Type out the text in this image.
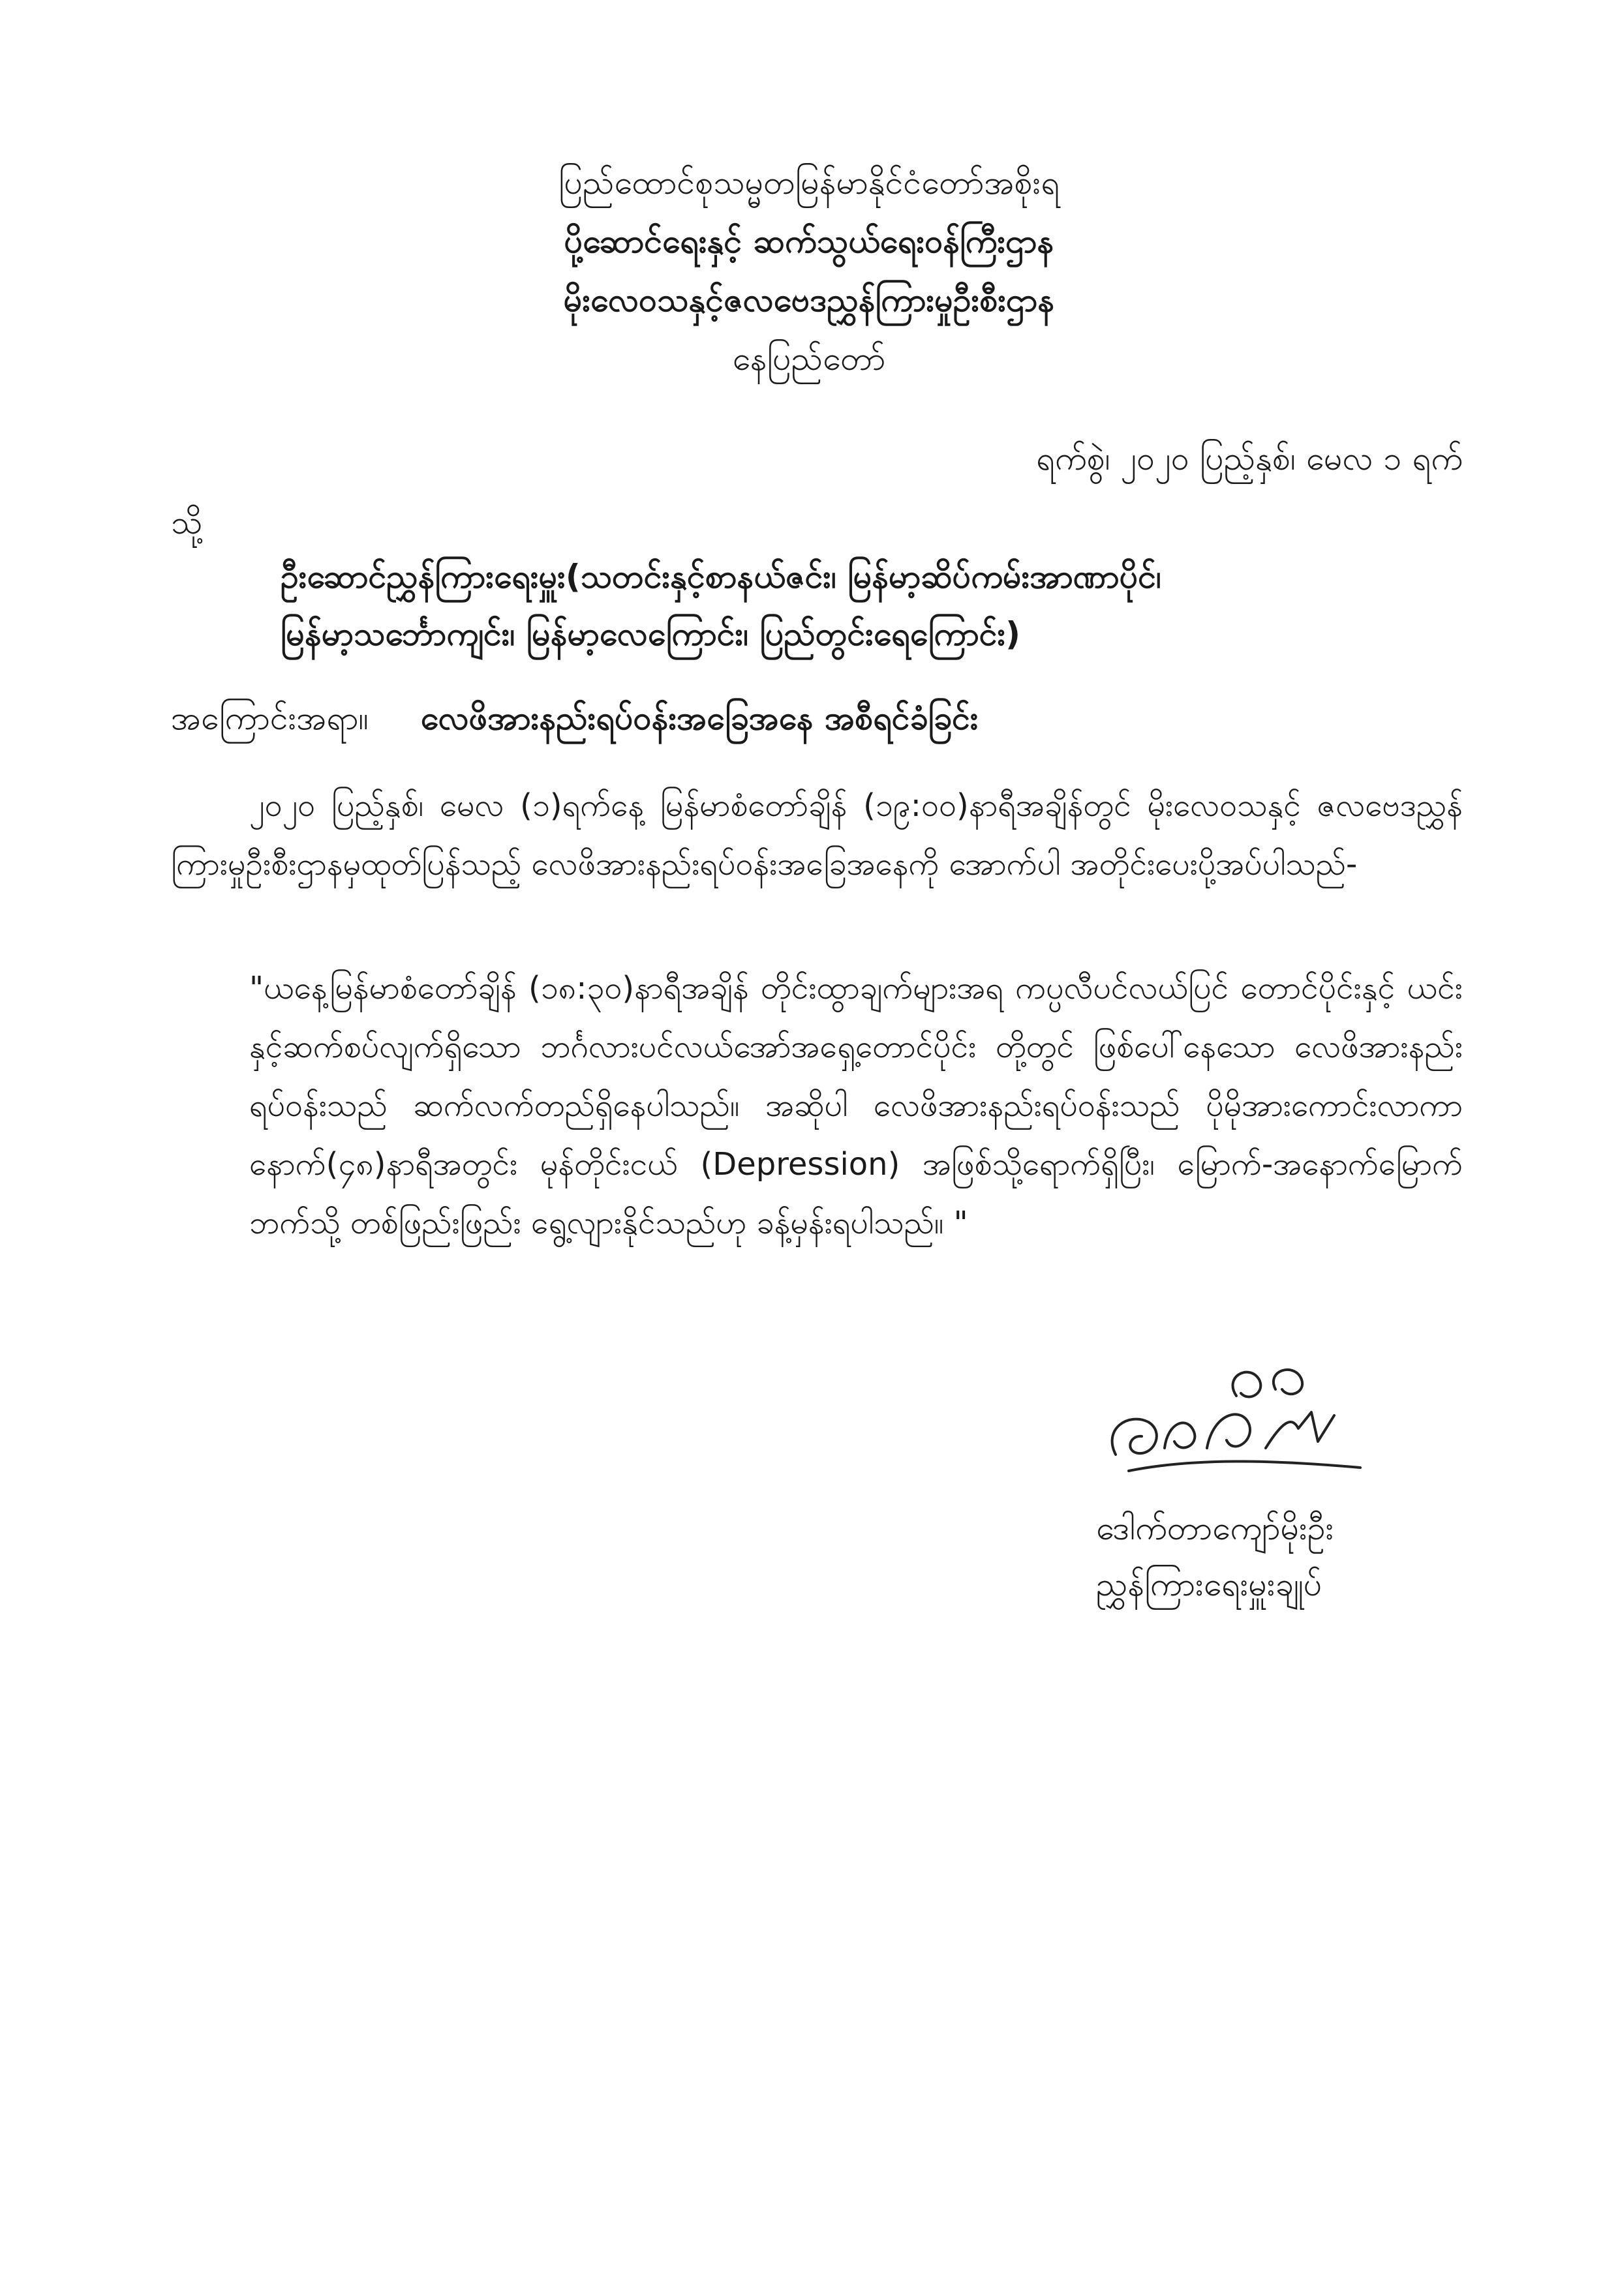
ပြည်ထောင်စုသမ္မတမြန်မာနိုင်ငံတော်အစိုးရ
ပို့ဆောင်ရေးနှင့် ဆက်သွယ်ရေးဝန်ကြီးဌာန
မိုးလေဝသနှင့်ဇလဗေဒညွှန်ကြားမှုဦးစီးဌာန
နေပြည်တော်
ရက်စွဲ၊ ၂၀၂၀ ပြည့်နှစ်၊ မေလ ၁ ရက်
သို့
ဦးဆောင်ညွှန်ကြားရေးမှူး(သတင်းနှင့်စာနယ်ဇင်း၊ မြန်မာ့ဆိပ်ကမ်းအာဏာပိုင်၊
မြန်မာ့သင်္ဘောကျင်း၊ မြန်မာ့လေကြောင်း၊ ပြည်တွင်းရေကြောင်း)
အကြောင်းအရာ။ လေဖိအားနည်းရပ်ဝန်းအခြေအနေ အစီရင်ခံခြင်း
၂၀၂၀ ပြည့်နှစ်၊ မေလ (၁)ရက်နေ့ မြန်မာစံတော်ချိန် (၁၉:၀၀)နာရီအချိန်တွင် မိုးလေဝသနှင့် ဇလဗေဒညွှန်ကြားမှုဦးစီးဌာနမှထုတ်ပြန်သည့် လေဖိအားနည်းရပ်ဝန်းအခြေအနေကို အောက်ပါ အတိုင်းပေးပို့အပ်ပါသည်-
"ယနေ့မြန်မာစံတော်ချိန် (၁၈:၃၀)နာရီအချိန် တိုင်းထွာချက်များအရ ကပ္ပလီပင်လယ်ပြင် တောင်ပိုင်းနှင့် ယင်းနှင့်ဆက်စပ်လျက်ရှိသော ဘင်္ဂလားပင်လယ်အော်အရှေ့တောင်ပိုင်း တို့တွင် ဖြစ်ပေါ်နေသော လေဖိအားနည်းရပ်ဝန်းသည် ဆက်လက်တည်ရှိနေပါသည်။ အဆိုပါ လေဖိအားနည်းရပ်ဝန်းသည် ပိုမိုအားကောင်းလာကာ နောက်(၄၈)နာရီအတွင်း မုန်တိုင်းငယ် (Depression) အဖြစ်သို့ရောက်ရှိပြီး၊ မြောက်-အနောက်မြောက်ဘက်သို့ တစ်ဖြည်းဖြည်း ရွေ့လျားနိုင်သည်ဟု ခန့်မှန်းရပါသည်။ "
ဒေါက်တာကျော်မိုးဦး
ညွှန်ကြားရေးမှူးချုပ်
